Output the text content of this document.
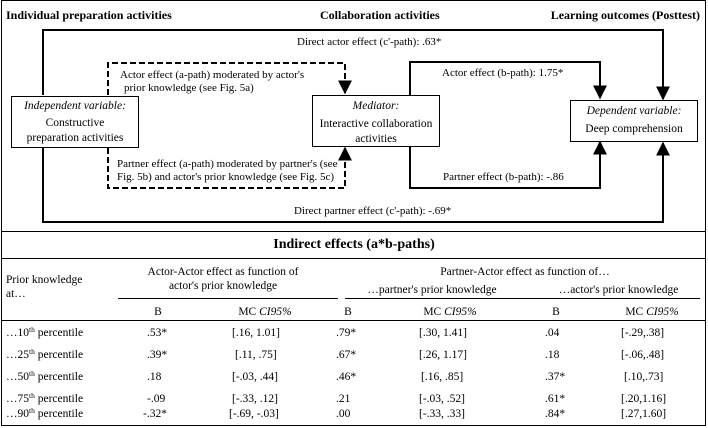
Individual preparation activities	Collaboration activities	Learning outcomes (Posttest)
Direct actor effect (c'-path): .63*
Actor effect (a-path) moderated by actor's
prior knowledge (see Fig. 5a)
Actor effect (b-path): 1.75*
Partner effect (a-path) moderated by partner's (see
Fig. 5b) and actor's prior knowledge (see Fig. 5c)	Partner effect (b-path): -.86
Direct partner effect (c'-path): -.69*
Independent variable:
Constructive
preparation activities
Mediator:
Interactive collaboration
activities
Dependent variable:
Deep comprehension
Indirect effects (a*b-paths)
Prior knowledge
at…
Actor-Actor effect as function of
actor's prior knowledge
Partner-Actor effect as function of…
…partner's prior knowledge	…actor's prior knowledge
B	MC CI95%	B	MC CI95%	B	MC CI95%
…10th percentile	.53*	[.16, 1.01]	.79*	[.30, 1.41]	.04	[-.29,.38]
…25th percentile	.39*	[.11, .75]	.67*	[.26, 1.17]	.18	[-.06,.48]
…50th percentile	.18	[-.03, .44]	.46*	[.16, .85]	.37*	[.10,.73]
…75th percentile	-.09	[-.33, .12]	.21	[-.03, .52]	.61*	[.20,1.16]
…90th percentile	-.32*	[-.69, -.03]	.00	[-.33, .33]	.84*	[.27,1.60]
